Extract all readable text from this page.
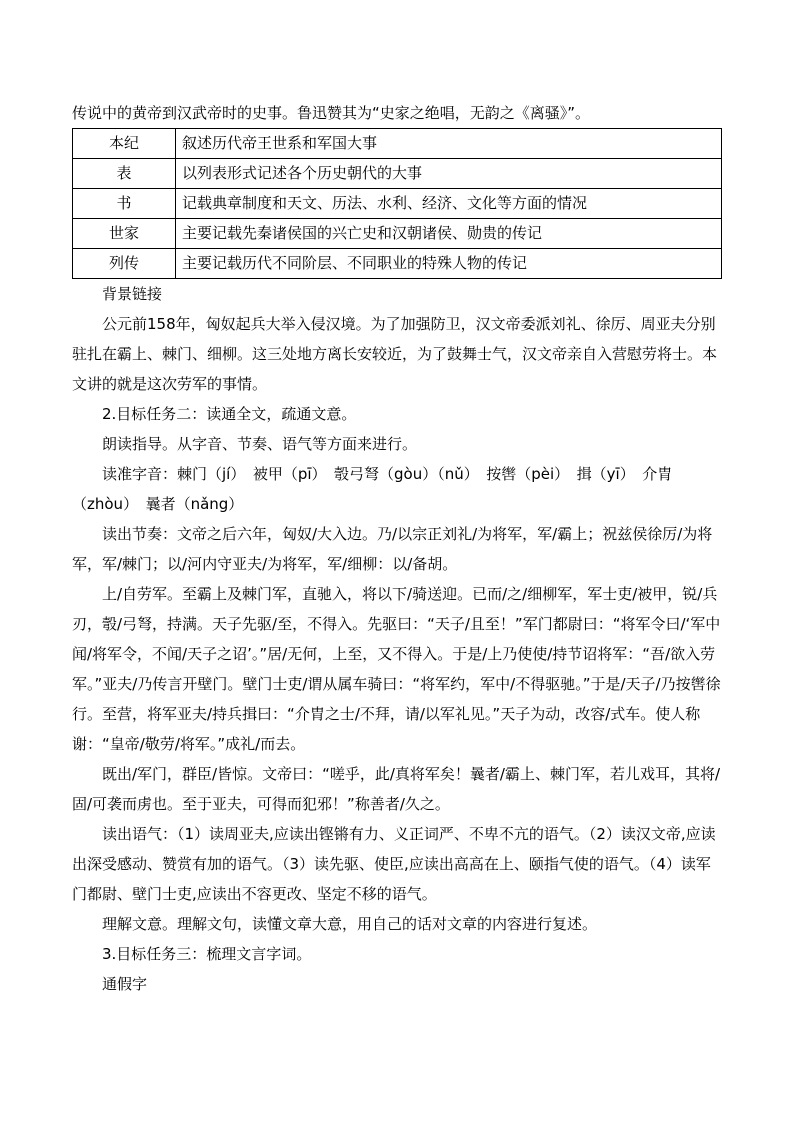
传说中的黄帝到汉武帝时的史事。鲁迅赞其为“史家之绝唱，无韵之《离骚》”。

本纪	叙述历代帝王世系和军国大事
表	以列表形式记述各个历史朝代的大事
书	记载典章制度和天文、历法、水利、经济、文化等方面的情况
世家	主要记载先秦诸侯国的兴亡史和汉朝诸侯、勋贵的传记
列传	主要记载历代不同阶层、不同职业的特殊人物的传记

背景链接

公元前158年，匈奴起兵大举入侵汉境。为了加强防卫，汉文帝委派刘礼、徐厉、周亚夫分别驻扎在霸上、棘门、细柳。这三处地方离长安较近，为了鼓舞士气，汉文帝亲自入营慰劳将士。本文讲的就是这次劳军的事情。

2.目标任务二：读通全文，疏通文意。

朗读指导。从字音、节奏、语气等方面来进行。

读准字音：棘门（jí）　被甲（pī）　彀弓弩（gòu）（nǔ）　按辔（pèi）　揖（yī）　介胄（zhòu）　曩者（nǎng）

读出节奏：文帝之后六年，匈奴/大入边。乃/以宗正刘礼/为将军，军/霸上；祝兹侯徐厉/为将军，军/棘门；以/河内守亚夫/为将军，军/细柳：以/备胡。

上/自劳军。至霸上及棘门军，直驰入，将以下/骑送迎。已而/之/细柳军，军士吏/被甲，锐/兵刃，彀/弓弩，持满。天子先驱/至，不得入。先驱曰：“天子/且至！”军门都尉曰：“将军令曰/‘军中闻/将军令，不闻/天子之诏’。”居/无何，上至，又不得入。于是/上乃使使/持节诏将军：“吾/欲入劳军。”亚夫/乃传言开壁门。壁门士吏/谓从属车骑曰：“将军约，军中/不得驱驰。”于是/天子/乃按辔徐行。至营，将军亚夫/持兵揖曰：“介胄之士/不拜，请/以军礼见。”天子为动，改容/式车。使人称谢：“皇帝/敬劳/将军。”成礼/而去。

既出/军门，群臣/皆惊。文帝曰：“嗟乎，此/真将军矣！曩者/霸上、棘门军，若儿戏耳，其将/固/可袭而虏也。至于亚夫，可得而犯邪！”称善者/久之。

读出语气：（1）读周亚夫,应读出铿锵有力、义正词严、不卑不亢的语气。（2）读汉文帝,应读出深受感动、赞赏有加的语气。（3）读先驱、使臣,应读出高高在上、颐指气使的语气。（4）读军门都尉、壁门士吏,应读出不容更改、坚定不移的语气。

理解文意。理解文句，读懂文章大意，用自己的话对文章的内容进行复述。

3.目标任务三：梳理文言字词。

通假字
